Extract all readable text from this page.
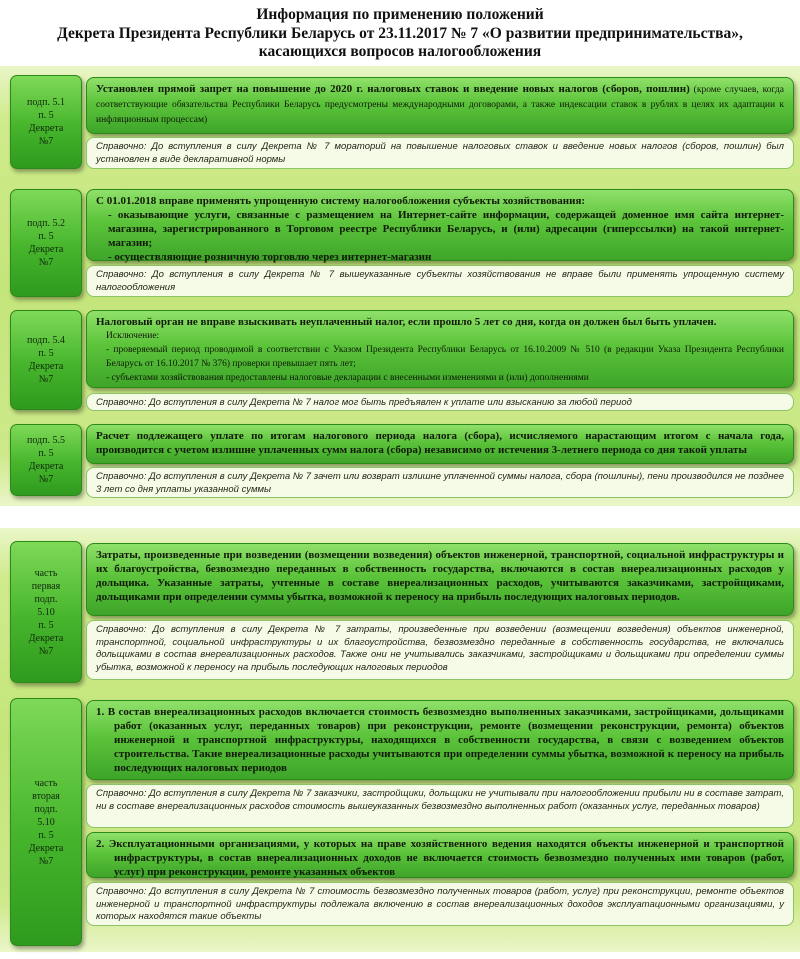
Информация по применению положений
Декрета Президента Республики Беларусь от 23.11.2017 № 7 «О развитии предпринимательства»,
касающихся вопросов налогообложения
подп. 5.1
п. 5
Декрета
№7
Установлен прямой запрет на повышение до 2020 г. налоговых ставок и введение новых налогов (сборов, пошлин) (кроме случаев, когда соответствующие обязательства Республики Беларусь предусмотрены международными договорами, а также индексации ставок в рублях в целях их адаптации к инфляционным процессам)
Справочно: До вступления в силу Декрета № 7 мораторий на повышение налоговых ставок и введение новых налогов (сборов, пошлин) был установлен в виде декларативной нормы
подп. 5.2
п. 5
Декрета
№7
С 01.01.2018 вправе применять упрощенную систему налогообложения субъекты хозяйствования:
- оказывающие услуги, связанные с размещением на Интернет-сайте информации, содержащей доменное имя сайта интернет-магазина, зарегистрированного в Торговом реестре Республики Беларусь, и (или) адресации (гиперссылки) на такой интернет-магазин;
- осуществляющие розничную торговлю через интернет-магазин
Справочно: До вступления в силу Декрета № 7 вышеуказанные субъекты хозяйствования не вправе были применять упрощенную систему налогообложения
подп. 5.4
п. 5
Декрета
№7
Налоговый орган не вправе взыскивать неуплаченный налог, если прошло 5 лет со дня, когда он должен был быть уплачен.
Исключение:
- проверяемый период проводимой в соответствии с Указом Президента Республики Беларусь от 16.10.2009 № 510 (в редакции Указа Президента Республики Беларусь от 16.10.2017 № 376) проверки превышает пять лет;
- субъектами хозяйствования предоставлены налоговые декларации с внесенными изменениями и (или) дополнениями
Справочно: До вступления в силу Декрета № 7 налог мог быть предъявлен к уплате или взысканию за любой период
подп. 5.5
п. 5
Декрета
№7
Расчет подлежащего уплате по итогам налогового периода налога (сбора), исчисляемого нарастающим итогом с начала года, производится с учетом излишне уплаченных сумм налога (сбора) независимо от истечения 3-летнего периода со дня такой уплаты
Справочно: До вступления в силу Декрета № 7 зачет или возврат излишне уплаченной суммы налога, сбора (пошлины), пени производился не позднее 3 лет со дня уплаты указанной суммы
часть
первая
подп.
5.10
п. 5
Декрета
№7
Затраты, произведенные при возведении (возмещении возведения) объектов инженерной, транспортной, социальной инфраструктуры и их благоустройства, безвозмездно переданных в собственность государства, включаются в состав внереализационных расходов у дольщика. Указанные затраты, учтенные в составе внереализационных расходов, учитываются заказчиками, застройщиками, дольщиками при определении суммы убытка, возможной к переносу на прибыль последующих налоговых периодов.
Справочно: До вступления в силу Декрета № 7 затраты, произведенные при возведении (возмещении возведения) объектов инженерной, транспортной, социальной инфраструктуры и их благоустройства, безвозмездно переданные в собственность государства, не включались дольщиками в состав внереализационных расходов. Также они не учитывались заказчиками, застройщиками и дольщиками при определении суммы убытка, возможной к переносу на прибыль последующих налоговых периодов
часть
вторая
подп.
5.10
п. 5
Декрета
№7
1. В состав внереализационных расходов включается стоимость безвозмездно выполненных заказчиками, застройщиками, дольщиками работ (оказанных услуг, переданных товаров) при реконструкции, ремонте (возмещении реконструкции, ремонта) объектов инженерной и транспортной инфраструктуры, находящихся в собственности государства, в связи с возведением объектов строительства. Такие внереализационные расходы учитываются при определении суммы убытка, возможной к переносу на прибыль последующих налоговых периодов
Справочно: До вступления в силу Декрета № 7 заказчики, застройщики, дольщики не учитывали при налогообложении прибыли ни в составе затрат, ни в составе внереализационных расходов стоимость вышеуказанных безвозмездно выполненных работ (оказанных услуг, переданных товаров)
2. Эксплуатационными организациями, у которых на праве хозяйственного ведения находятся объекты инженерной и транспортной инфраструктуры, в состав внереализационных доходов не включается стоимость безвозмездно полученных ими товаров (работ, услуг) при реконструкции, ремонте указанных объектов
Справочно: До вступления в силу Декрета № 7 стоимость безвозмездно полученных товаров (работ, услуг) при реконструкции, ремонте объектов инженерной и транспортной инфраструктуры подлежала включению в состав внереализационных доходов эксплуатационными организациями, у которых находятся такие объекты
